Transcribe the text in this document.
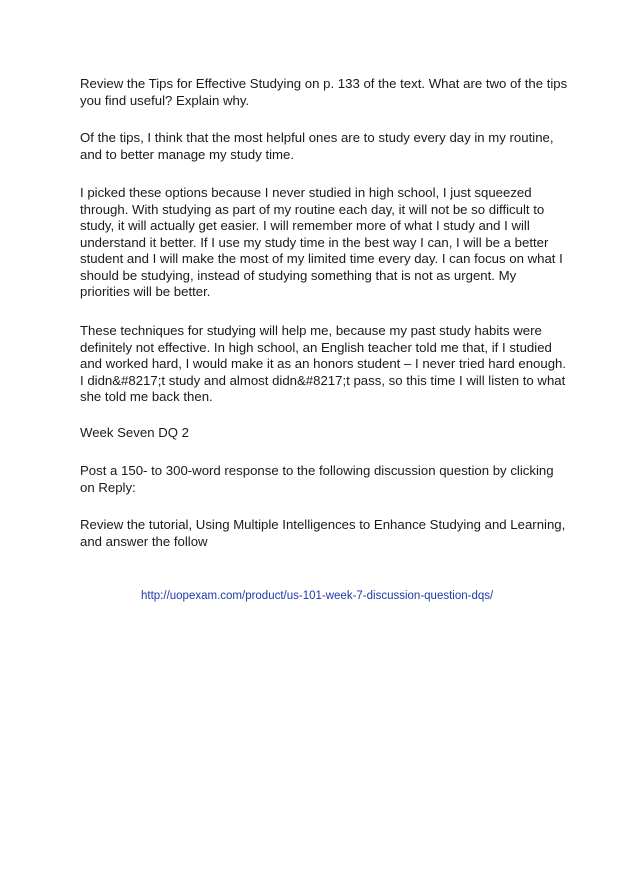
Review the Tips for Effective Studying on p. 133 of the text. What are two of the tips you find useful? Explain why.

Of the tips, I think that the most helpful ones are to study every day in my routine, and to better manage my study time.

I picked these options because I never studied in high school, I just squeezed through. With studying as part of my routine each day, it will not be so difficult to study, it will actually get easier. I will remember more of what I study and I will understand it better. If I use my study time in the best way I can, I will be a better student and I will make the most of my limited time every day. I can focus on what I should be studying, instead of studying something that is not as urgent. My priorities will be better.

These techniques for studying will help me, because my past study habits were definitely not effective. In high school, an English teacher told me that, if I studied and worked hard, I would make it as an honors student – I never tried hard enough. I didn&#8217;t study and almost didn&#8217;t pass, so this time I will listen to what she told me back then.

Week Seven DQ 2

Post a 150- to 300-word response to the following discussion question by clicking on Reply:

Review the tutorial, Using Multiple Intelligences to Enhance Studying and Learning, and answer the follow

http://uopexam.com/product/us-101-week-7-discussion-question-dqs/
